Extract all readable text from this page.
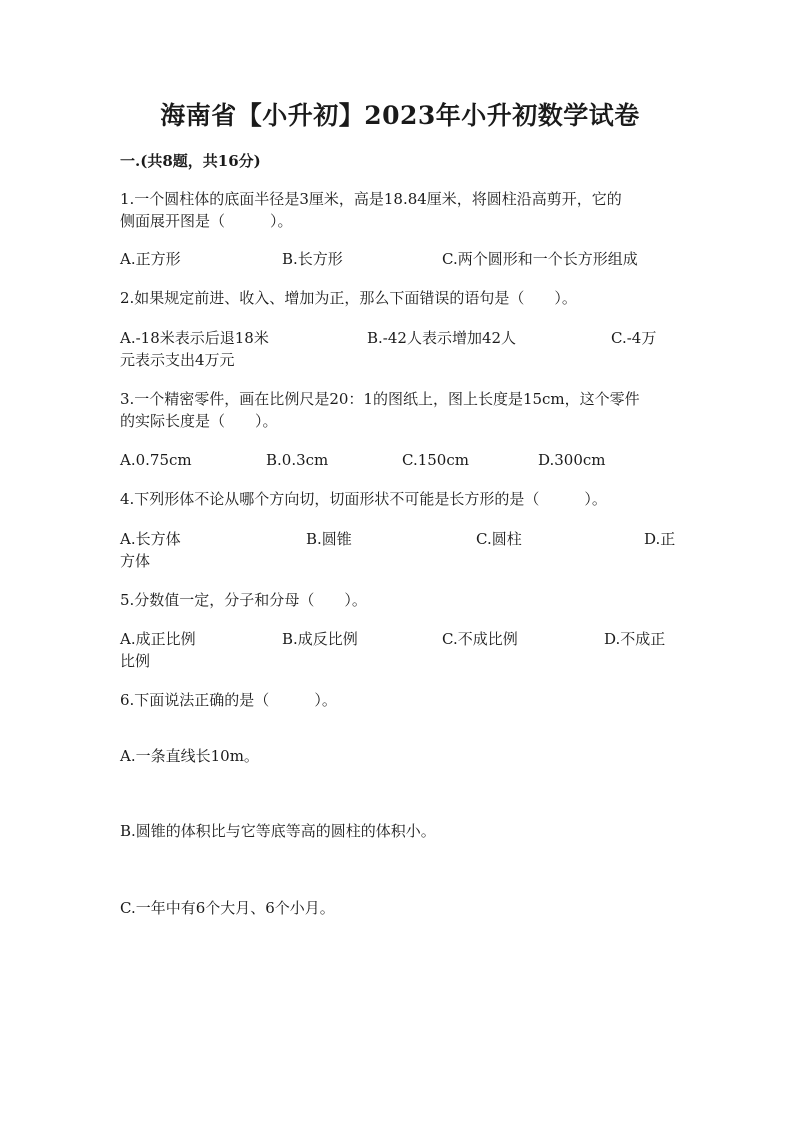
海南省【小升初】2023年小升初数学试卷
一.(共8题，共16分)
1.一个圆柱体的底面半径是3厘米，高是18.84厘米，将圆柱沿高剪开，它的
侧面展开图是（　　　）。
A.正方形	B.长方形	C.两个圆形和一个长方形组成
2.如果规定前进、收入、增加为正，那么下面错误的语句是（　　）。
A.-18米表示后退18米	B.-42人表示增加42人	C.-4万
元表示支出4万元
3.一个精密零件，画在比例尺是20：1的图纸上，图上长度是15cm，这个零件
的实际长度是（　　）。
A.0.75cm	B.0.3cm	C.150cm	D.300cm
4.下列形体不论从哪个方向切，切面形状不可能是长方形的是（　　　）。
A.长方体	B.圆锥	C.圆柱	D.正
方体
5.分数值一定，分子和分母（　　）。
A.成正比例	B.成反比例	C.不成比例	D.不成正
比例
6.下面说法正确的是（　　　）。
A.一条直线长10m。
B.圆锥的体积比与它等底等高的圆柱的体积小。
C.一年中有6个大月、6个小月。
